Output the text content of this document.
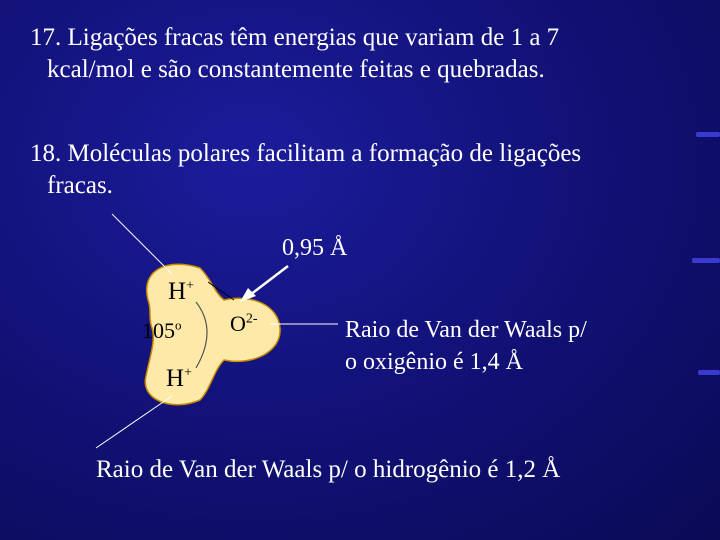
17. Ligações fracas têm energias que variam de 1 a 7
kcal/mol e são constantemente feitas e quebradas.
18. Moléculas polares facilitam a formação de ligações
fracas.
0,95 Å
H+
105$^o$ $O^{2-}$
H+
Raio de Van der Waals p/
o oxigênio é 1,4 Å
Raio de Van der Waals p/ o hidrogênio é 1,2 Å
